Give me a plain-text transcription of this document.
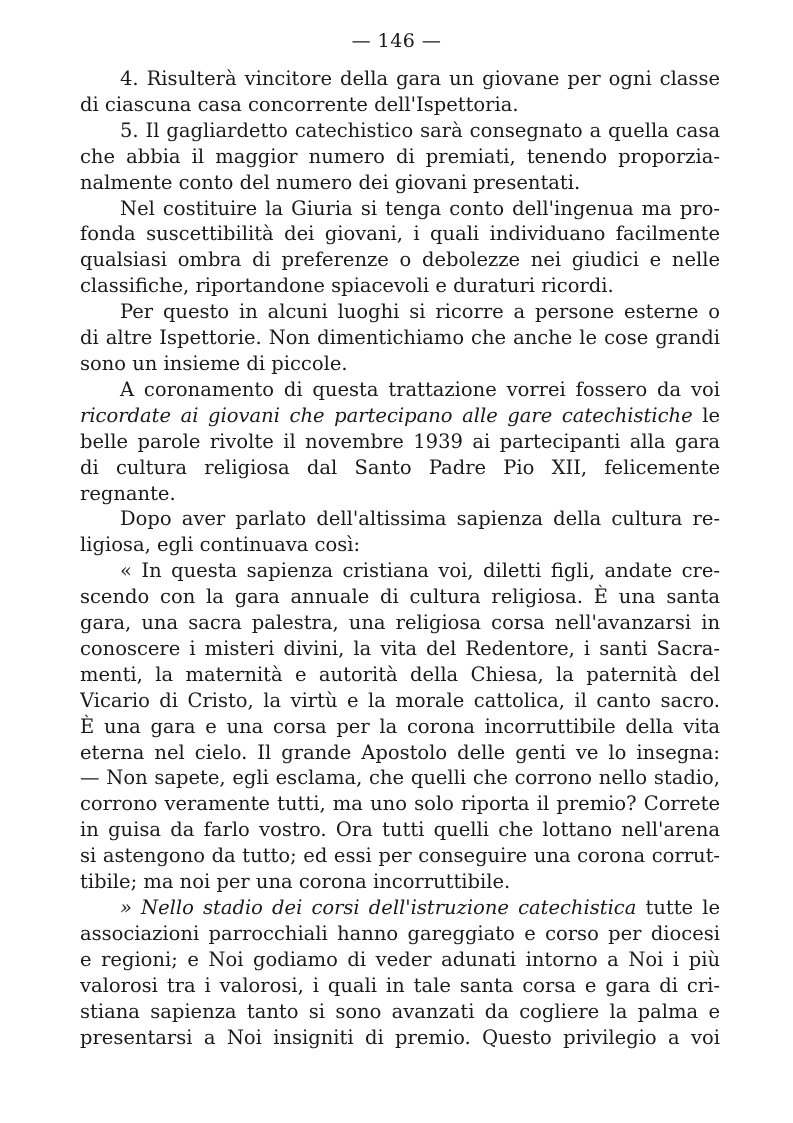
— 146 —
4. Risulterà vincitore della gara un giovane per ogni classe
di ciascuna casa concorrente dell'Ispettoria.
5. Il gagliardetto catechistico sarà consegnato a quella casa
che abbia il maggior numero di premiati, tenendo proporzia-
nalmente conto del numero dei giovani presentati.
Nel costituire la Giuria si tenga conto dell'ingenua ma pro-
fonda suscettibilità dei giovani, i quali individuano facilmente
qualsiasi ombra di preferenze o debolezze nei giudici e nelle
classifiche, riportandone spiacevoli e duraturi ricordi.
Per questo in alcuni luoghi si ricorre a persone esterne o
di altre Ispettorie. Non dimentichiamo che anche le cose grandi
sono un insieme di piccole.
A coronamento di questa trattazione vorrei fossero da voi
ricordate ai giovani che partecipano alle gare catechistiche le
belle parole rivolte il novembre 1939 ai partecipanti alla gara
di cultura religiosa dal Santo Padre Pio XII, felicemente
regnante.
Dopo aver parlato dell'altissima sapienza della cultura re-
ligiosa, egli continuava così:
« In questa sapienza cristiana voi, diletti figli, andate cre-
scendo con la gara annuale di cultura religiosa. È una santa
gara, una sacra palestra, una religiosa corsa nell'avanzarsi in
conoscere i misteri divini, la vita del Redentore, i santi Sacra-
menti, la maternità e autorità della Chiesa, la paternità del
Vicario di Cristo, la virtù e la morale cattolica, il canto sacro.
È una gara e una corsa per la corona incorruttibile della vita
eterna nel cielo. Il grande Apostolo delle genti ve lo insegna:
— Non sapete, egli esclama, che quelli che corrono nello stadio,
corrono veramente tutti, ma uno solo riporta il premio? Correte
in guisa da farlo vostro. Ora tutti quelli che lottano nell'arena
si astengono da tutto; ed essi per conseguire una corona corrut-
tibile; ma noi per una corona incorruttibile.
» Nello stadio dei corsi dell'istruzione catechistica tutte le
associazioni parrocchiali hanno gareggiato e corso per diocesi
e regioni; e Noi godiamo di veder adunati intorno a Noi i più
valorosi tra i valorosi, i quali in tale santa corsa e gara di cri-
stiana sapienza tanto si sono avanzati da cogliere la palma e
presentarsi a Noi insigniti di premio. Questo privilegio a voi
